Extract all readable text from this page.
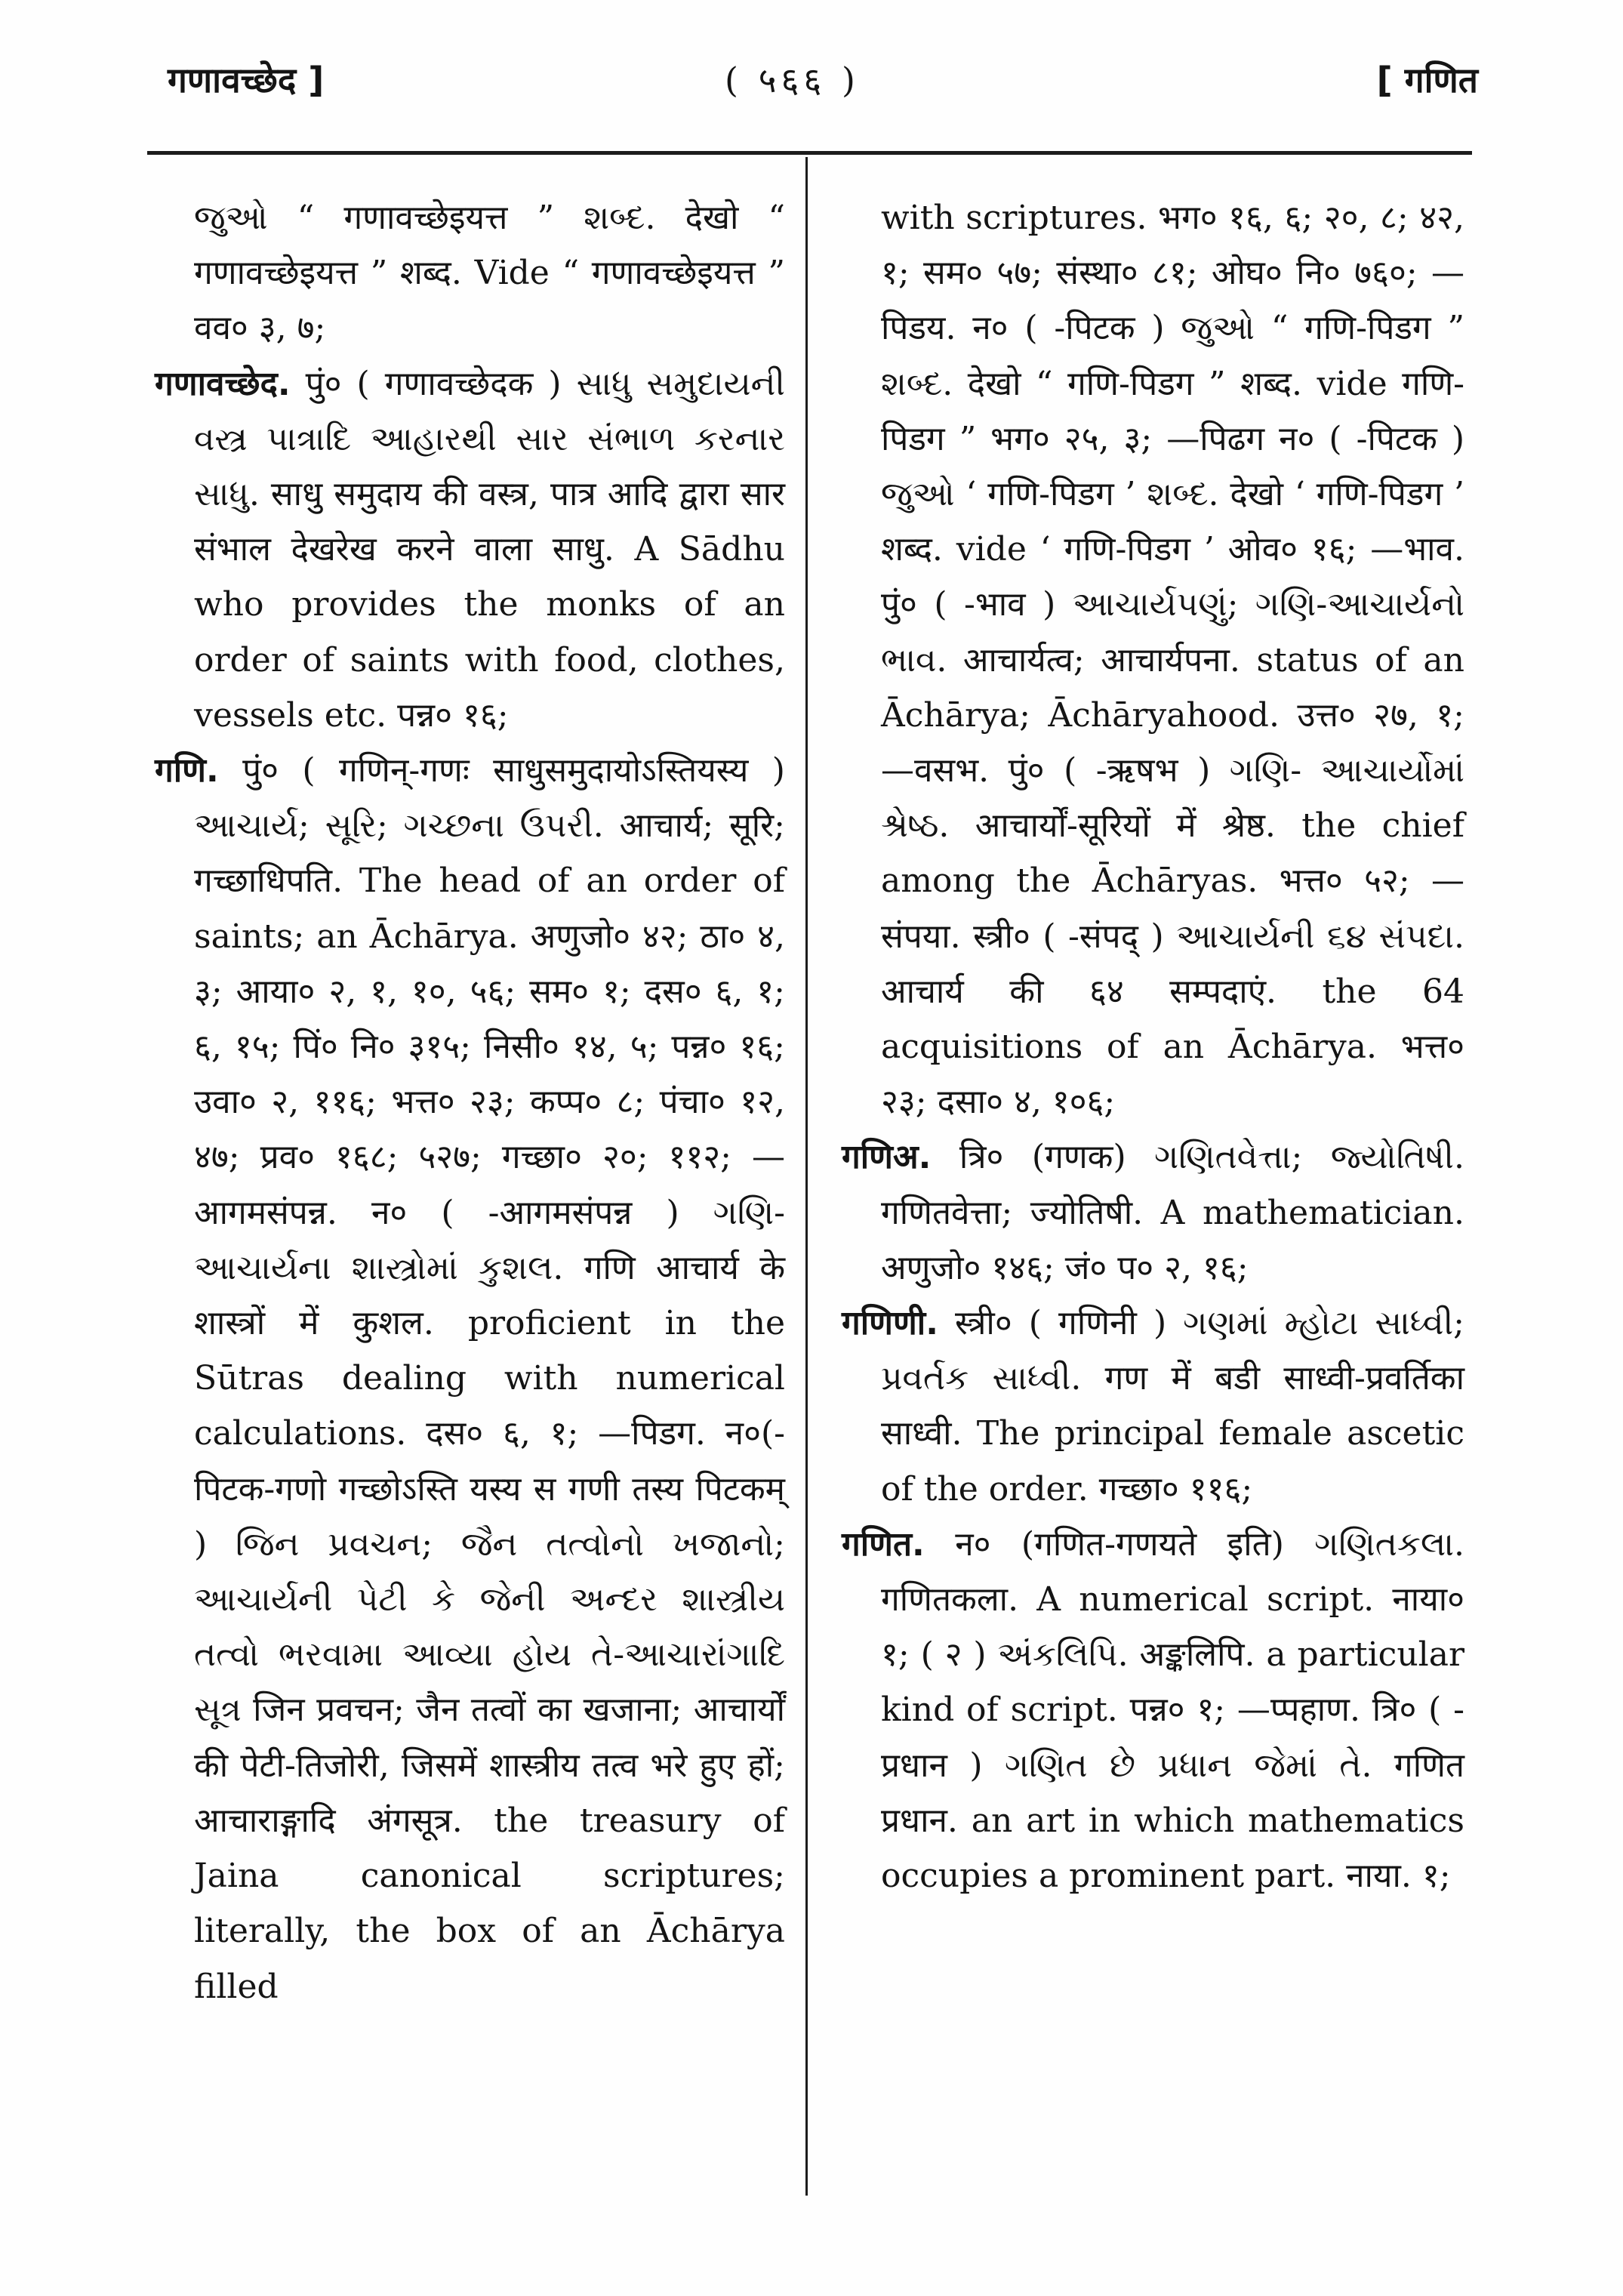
गणावच्छेद ]	( ५६६ )	[ गणित

જુઓ “ गणावच्छेइयत्त ” શબ્દ. देखो “ गणावच्छेइयत्त ” शब्द. Vide “ गणावच्छेइयत्त ” वव० ३, ७;

गणावच्छेद. पुं० ( गणावच्छेदक ) સાધુ સમુદાયની વસ્ત્ર પાત્રાદિ આહારથી સાર સંભાળ કરનાર સાધુ. साधु समुदाय की वस्त्र, पात्र आदि द्वारा सार संभाल देखरेख करने वाला साधु. A Sādhu who provides the monks of an order of saints with food, clothes, vessels etc. पन्न० १६;

गणि. पुं० ( गणिन्-गणः साधुसमुदायोऽस्तियस्य ) આચાર્ય; સૂરિ; ગચ્છના ઉપરી. आचार्य; सूरि; गच्छाधिपति. The head of an order of saints; an Āchārya. अणुजो० ४२; ठा० ४, ३; आया० २, १, १०, ५६; सम० १; दस० ६, १; ६, १५; पिं० नि० ३१५; निसी० १४, ५; पन्न० १६; उवा० २, ११६; भत्त० २३; कप्प० ८; पंचा० १२, ४७; प्रव० १६८; ५२७; गच्छा० २०; ११२; —आगमसंपन्न. न० ( -आगमसंपन्न ) ગણિ-આચાર્યના શાસ્ત્રોમાં કુશલ. गणि आचार्य के शास्त्रों में कुशल. proficient in the Sūtras dealing with numerical calculations. दस० ६, १; —पिडग. न०(-पिटक-गणो गच्छोऽस्ति यस्य स गणी तस्य पिटकम् ) જિન પ્રવચન; જૈન તત્વોનો ખજાનો; આચાર્યની પેટી કે જેની અન્દર શાસ્ત્રીય તત્વો ભરવામા આવ્યા હોય તે-આચારાંગાદિ સૂત્ર जिन प्रवचन; जैन तत्वों का खजाना; आचार्यों की पेटी-तिजोरी, जिसमें शास्त्रीय तत्व भरे हुए हों; आचाराङ्गादि अंगसूत्र. the treasury of Jaina canonical scriptures; literally, the box of an Āchārya filled

with scriptures. भग० १६, ६; २०, ८; ४२, १; सम० ५७; संस्था० ८१; ओघ० नि० ७६०; —पिडय. न० ( -पिटक ) જુઓ “ गणि-पिडग ” શબ્દ. देखो “ गणि-पिडग ” शब्द. vide गणि-पिडग ” भग० २५, ३; —पिढग न० ( -पिटक ) જુઓ ‘ गणि-पिडग ’ શબ્દ. देखो ‘ गणि-पिडग ’ शब्द. vide ‘ गणि-पिडग ’ ओव० १६; —भाव. पुं० ( -भाव ) આચાર્યપણું; ગણિ-આચાર્યનો ભાવ. आचार्यत्व; आचार्यपना. status of an Āchārya; Āchāryahood. उत्त० २७, १; —वसभ. पुं० ( -ऋषभ ) ગણિ- આચાર્યોમાં શ્રેષ્ઠ. आचार्यों-सूरियों में श्रेष्ठ. the chief among the Āchāryas. भत्त० ५२; —संपया. स्त्री० ( -संपद् ) આચાર્યની ૬૪ સંપદા. आचार्य की ६४ सम्पदाएं. the 64 acquisitions of an Āchārya. भत्त० २३; दसा० ४, १०६;

गणिअ. त्रि० (गणक) ગણિતવેત્તા; જ્યોતિષી. गणितवेत्ता; ज्योतिषी. A mathematician. अणुजो० १४६; जं० प० २, १६;

गणिणी. स्त्री० ( गणिनी ) ગણમાં મ્હોટા સાધ્વી; પ્રવર્તક સાધ્વી. गण में बडी साध्वी-प्रवर्तिका साध्वी. The principal female ascetic of the order. गच्छा० ११६;

गणित. न० (गणित-गणयते इति) ગણિતકલા. गणितकला. A numerical script. नाया० १; ( २ ) અંકલિપિ. अङ्कलिपि. a particular kind of script. पन्न० १; —प्पहाण. त्रि० ( -प्रधान ) ગણિત છે પ્રધાન જેમાં તે. गणित प्रधान. an art in which mathematics occupies a prominent part. नाया. १;
